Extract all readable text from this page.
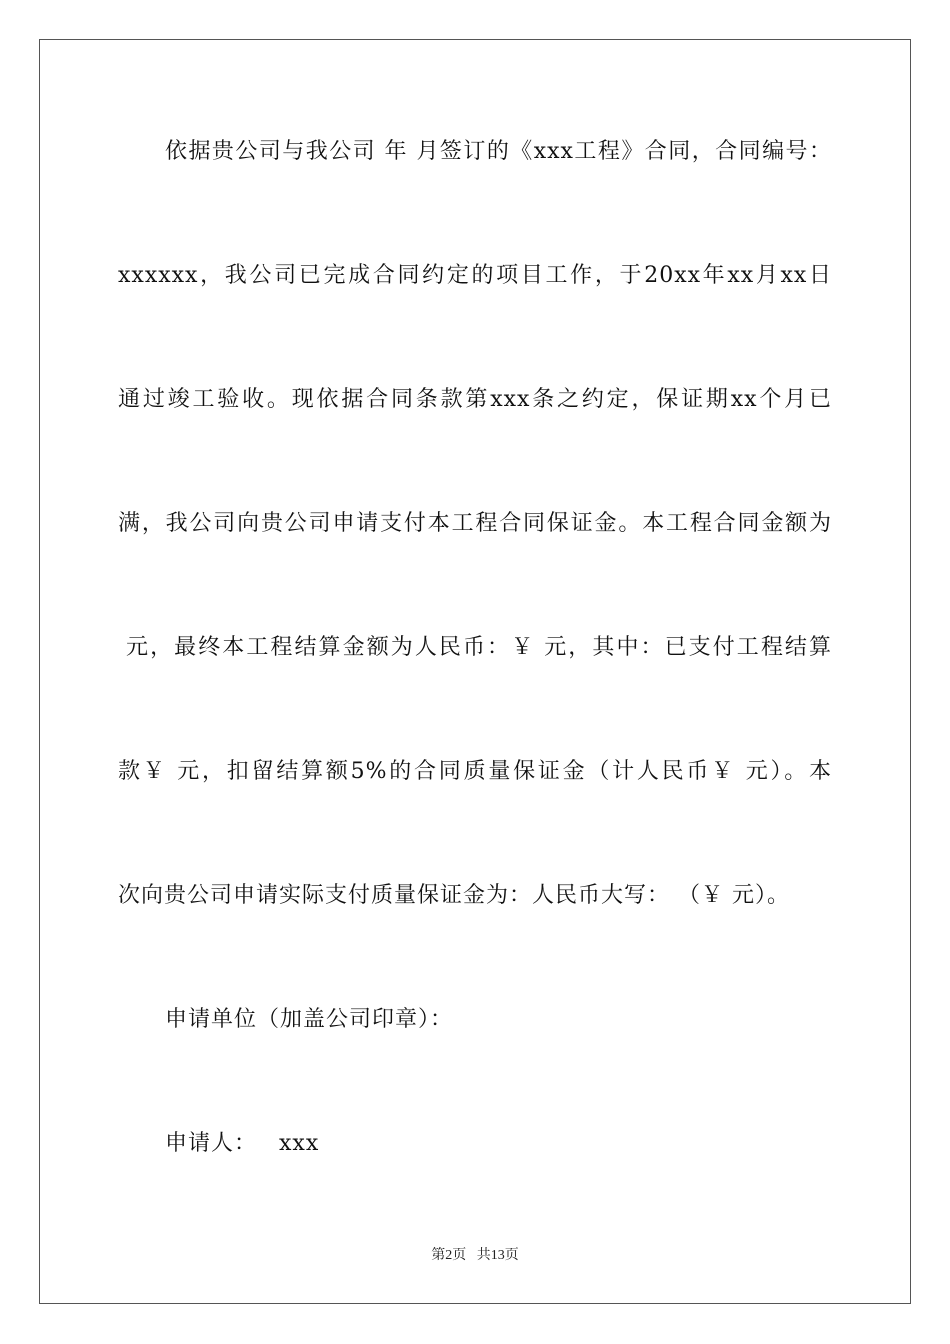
依据贵公司与我公司 年 月签订的《xxx工程》合同，合同编号：
xxxxxx，我公司已完成合同约定的项目工作，于20xx年xx月xx日
通过竣工验收。现依据合同条款第xxx条之约定，保证期xx个月已
满，我公司向贵公司申请支付本工程合同保证金。本工程合同金额为
元，最终本工程结算金额为人民币：￥ 元，其中：已支付工程结算
款￥ 元，扣留结算额5%的合同质量保证金（计人民币￥ 元）。本
次向贵公司申请实际支付质量保证金为：人民币大写： （￥ 元）。
申请单位（加盖公司印章）：
申请人： xxx
第2页 共13页
